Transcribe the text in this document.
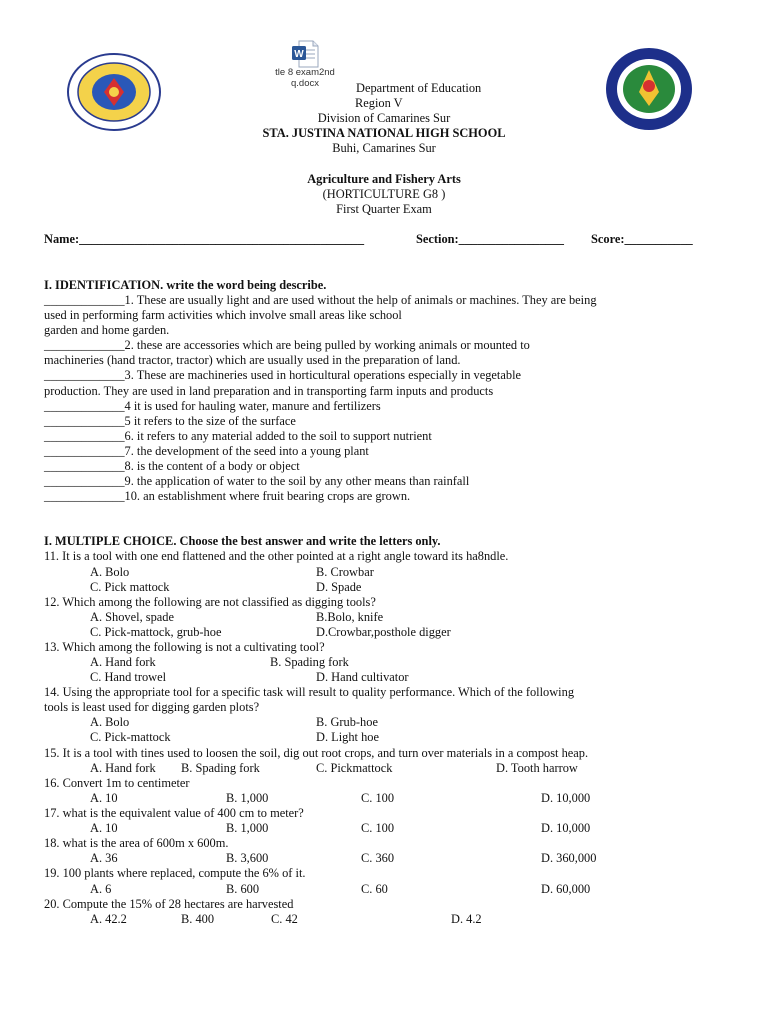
W
tle 8 exam2nd
q.docx	Department of Education
Region V
Division of Camarines Sur
STA. JUSTINA NATIONAL HIGH SCHOOL
Buhi, Camarines Sur
Agriculture and Fishery Arts
(HORTICULTURE G8 )
First Quarter Exam
Name:______________________________________________	Section:_________________ Score:___________
I. IDENTIFICATION. write the word being describe.
_____________1. These are usually light and are used without the help of animals or machines. They are being
used in performing farm activities which involve small areas like school
garden and home garden.
_____________2. these are accessories which are being pulled by working animals or mounted to
machineries (hand tractor, tractor) which are usually used in the preparation of land.
_____________3. These are machineries used in horticultural operations especially in vegetable
production. They are used in land preparation and in transporting farm inputs and products
_____________4 it is used for hauling water, manure and fertilizers
_____________5 it refers to the size of the surface
_____________6. it refers to any material added to the soil to support nutrient
_____________7. the development of the seed into a young plant
_____________8. is the content of a body or object
_____________9. the application of water to the soil by any other means than rainfall
_____________10. an establishment where fruit bearing crops are grown.
I. MULTIPLE CHOICE. Choose the best answer and write the letters only.
11. It is a tool with one end flattened and the other pointed at a right angle toward its ha8ndle.
A. Bolo	B. Crowbar
C. Pick mattock	D. Spade
12. Which among the following are not classified as digging tools?
A. Shovel, spade	B.Bolo, knife
C. Pick-mattock, grub-hoe	D.Crowbar,posthole digger
13. Which among the following is not a cultivating tool?
A. Hand fork	B. Spading fork
C. Hand trowel	D. Hand cultivator
14. Using the appropriate tool for a specific task will result to quality performance. Which of the following
tools is least used for digging garden plots?
A. Bolo	B. Grub-hoe
C. Pick-mattock	D. Light hoe
15. It is a tool with tines used to loosen the soil, dig out root crops, and turn over materials in a compost heap.
A. Hand fork B. Spading fork	C. Pickmattock	D. Tooth harrow
16. Convert 1m to centimeter
A. 10	B. 1,000	C. 100	D. 10,000
17. what is the equivalent value of 400 cm to meter?
A. 10	B. 1,000	C. 100	D. 10,000
18. what is the area of 600m x 600m.
A. 36	B. 3,600	C. 360	D. 360,000
19. 100 plants where replaced, compute the 6% of it.
A. 6	B. 600	C. 60	D. 60,000
20. Compute the 15% of 28 hectares are harvested
A. 42.2	B. 400	C. 42	D. 4.2
